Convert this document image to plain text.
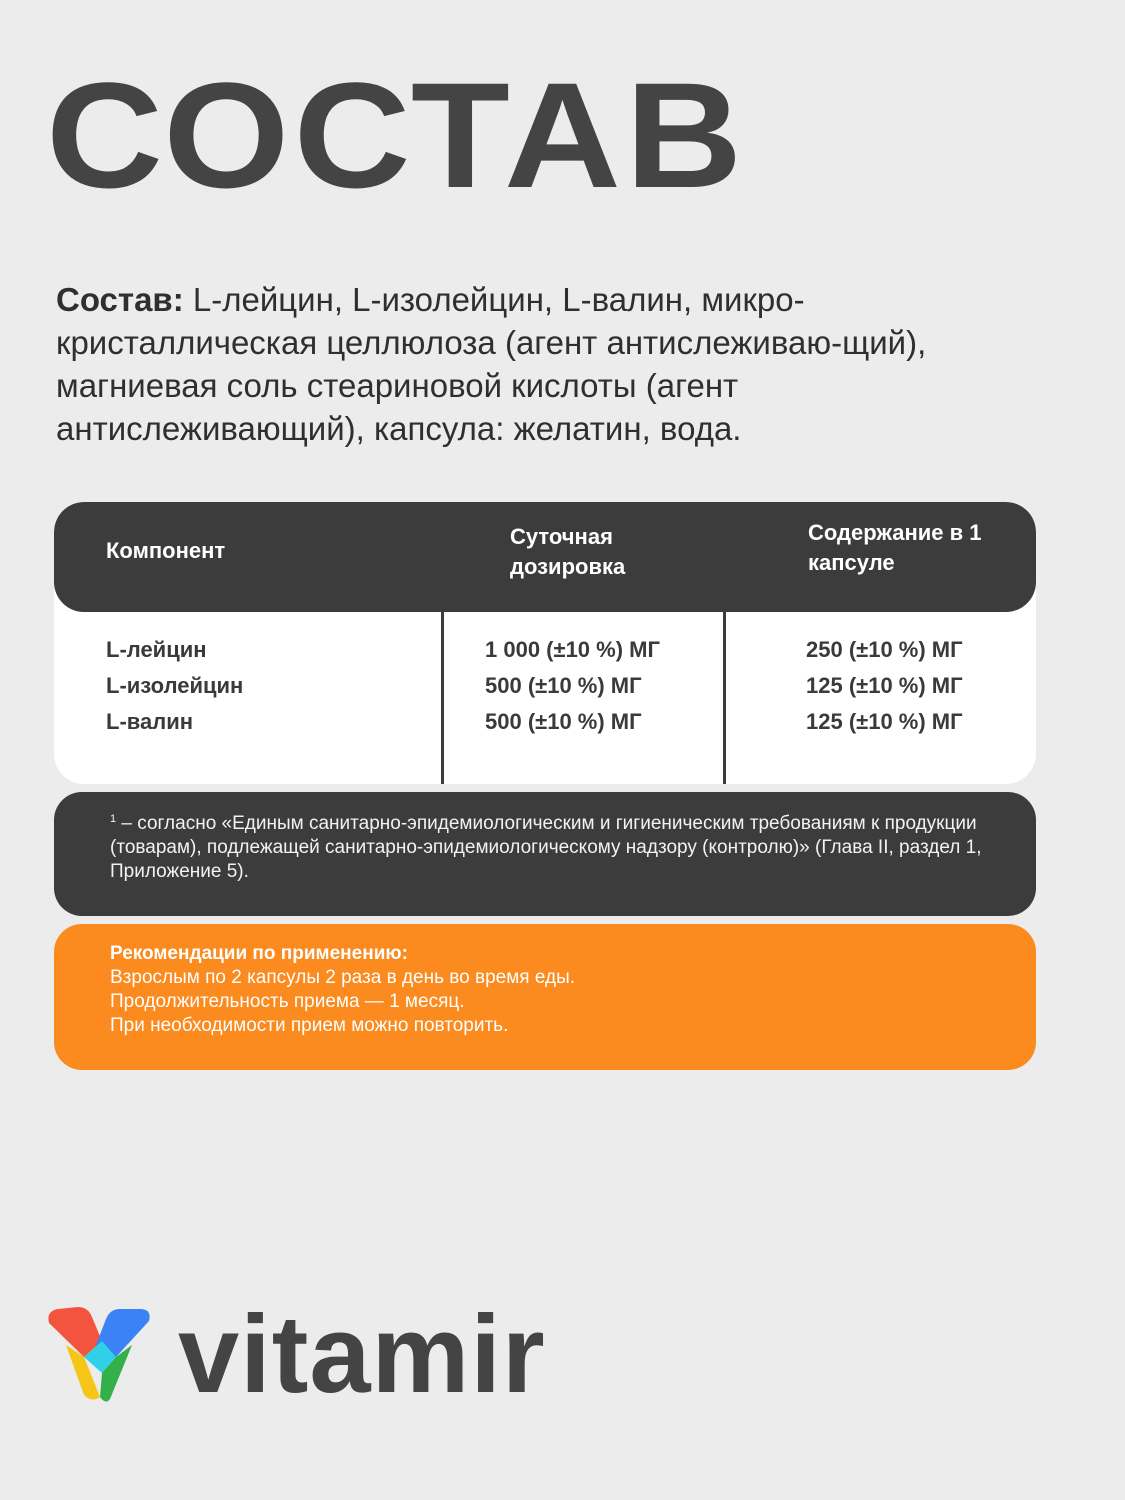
СОСТАВ
Состав: L-лейцин, L-изолейцин, L-валин, микро-кристаллическая целлюлоза (агент антислеживаю-щий), магниевая соль стеариновой кислоты (агент антислеживающий), капсула: желатин, вода.
Компонент
Суточная дозировка
Содержание в 1 капсуле
L-лейцин
L-изолейцин
L-валин
1 000 (±10 %) МГ
500 (±10 %) МГ
500 (±10 %) МГ
250 (±10 %) МГ
125 (±10 %) МГ
125 (±10 %) МГ
$^1$ – согласно «Единым санитарно-эпидемиологическим и гигиеническим требованиям к продукции (товарам), подлежащей санитарно-эпидемиологическому надзору (контролю)» (Глава II, раздел 1, Приложение 5).
Рекомендации по применению:
Взрослым по 2 капсулы 2 раза в день во время еды.
Продолжительность приема — 1 месяц.
При необходимости прием можно повторить.
vitamir
